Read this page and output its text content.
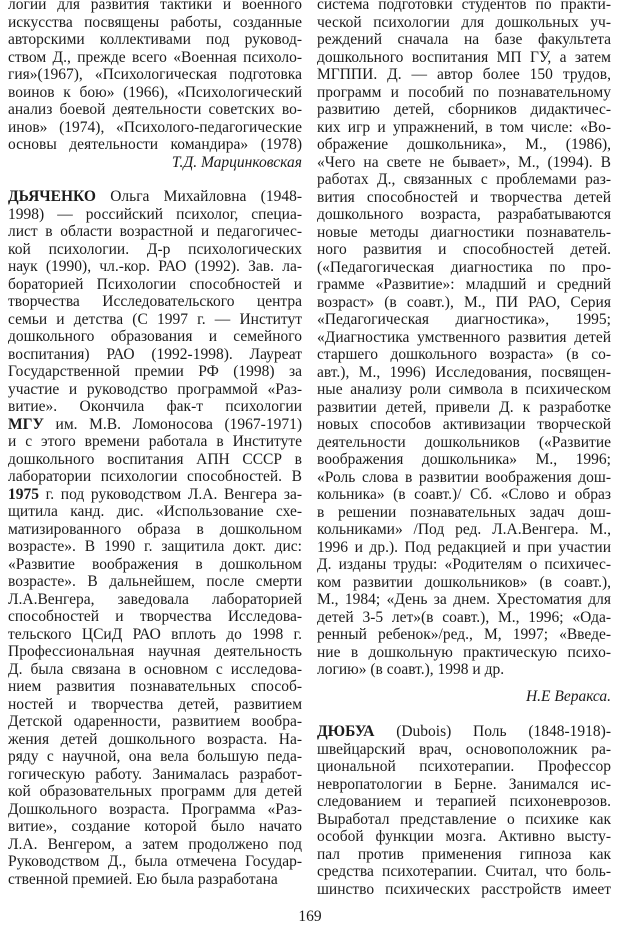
логии для развития тактики и военного
искусства посвящены работы, созданные
авторскими коллективами под руковод-
ством Д., прежде всего «Военная психоло-
гия»(1967), «Психологическая подготовка
воинов к бою» (1966), «Психологический
анализ боевой деятельности советских во-
инов» (1974), «Психолого-педагогические
основы деятельности командира» (1978)
Т.Д. Марцинковская
ДЬЯЧЕНКО Ольга Михайловна (1948-
1998) — российский психолог, специа-
лист в области возрастной и педагогичес-
кой психологии. Д-р психологических
наук (1990), чл.-кор. РАО (1992). Зав. ла-
бораторией Психологии способностей и
творчества Исследовательского центра
семьи и детства (С 1997 г. — Институт
дошкольного образования и семейного
воспитания) РАО (1992-1998). Лауреат
Государственной премии РФ (1998) за
участие и руководство программой «Раз-
витие». Окончила фак-т психологии
МГУ им. М.В. Ломоносова (1967-1971)
и с этого времени работала в Институте
дошкольного воспитания АПН СССР в
лаборатории психологии способностей. В
1975 г. под руководством Л.А. Венгера за-
щитила канд. дис. «Использование схе-
матизированного образа в дошкольном
возрасте». В 1990 г. защитила докт. дис:
«Развитие воображения в дошкольном
возрасте». В дальнейшем, после смерти
Л.А.Венгера, заведовала лабораторией
способностей и творчества Исследова-
тельского ЦСиД РАО вплоть до 1998 г.
Профессиональная научная деятельность
Д. была связана в основном с исследова-
нием развития познавательных способ-
ностей и творчества детей, развитием
Детской одаренности, развитием вообра-
жения детей дошкольного возраста. На-
ряду с научной, она вела большую педа-
гогическую работу. Занималась разработ-
кой образовательных программ для детей
Дошкольного возраста. Программа «Раз-
витие», создание которой было начато
Л.А. Венгером, а затем продолжено под
Руководством Д., была отмечена Государ-
ственной премией. Ею была разработана
система подготовки студентов по практи-
ческой психологии для дошкольных уч-
реждений сначала на базе факультета
дошкольного воспитания МП ГУ, а затем
МГППИ. Д. — автор более 150 трудов,
программ и пособий по познавательному
развитию детей, сборников дидактичес-
ких игр и упражнений, в том числе: «Во-
ображение дошкольника», М., (1986),
«Чего на свете не бывает», М., (1994). В
работах Д., связанных с проблемами раз-
вития способностей и творчества детей
дошкольного возраста, разрабатываются
новые методы диагностики познаватель-
ного развития и способностей детей.
(«Педагогическая диагностика по про-
грамме «Развитие»: младший и средний
возраст» (в соавт.), М., ПИ РАО, Серия
«Педагогическая диагностика», 1995;
«Диагностика умственного развития детей
старшего дошкольного возраста» (в со-
авт.), М., 1996) Исследования, посвящен-
ные анализу роли символа в психическом
развитии детей, привели Д. к разработке
новых способов активизации творческой
деятельности дошкольников («Развитие
воображения дошкольника» М., 1996;
«Роль слова в развитии воображения дош-
кольника» (в соавт.)/ Сб. «Слово и образ
в решении познавательных задач дош-
кольниками» /Под ред. Л.А.Венгера. М.,
1996 и др.). Под редакцией и при участии
Д. изданы труды: «Родителям о психичес-
ком развитии дошкольников» (в соавт.),
М., 1984; «День за днем. Хрестоматия для
детей 3-5 лет»(в соавт.), М., 1996; «Ода-
ренный ребенок»/ред., М, 1997; «Введе-
ние в дошкольную практическую психо-
логию» (в соавт.), 1998 и др.
Н.Е Веракса.
ДЮБУА (Dubois) Поль (1848-1918)-
швейцарский врач, основоположник ра-
циональной психотерапии. Профессор
невропатологии в Берне. Занимался ис-
следованием и терапией психоневрозов.
Выработал представление о психике как
особой функции мозга. Активно высту-
пал против применения гипноза как
средства психотерапии. Считал, что боль-
шинство психических расстройств имеет
169
